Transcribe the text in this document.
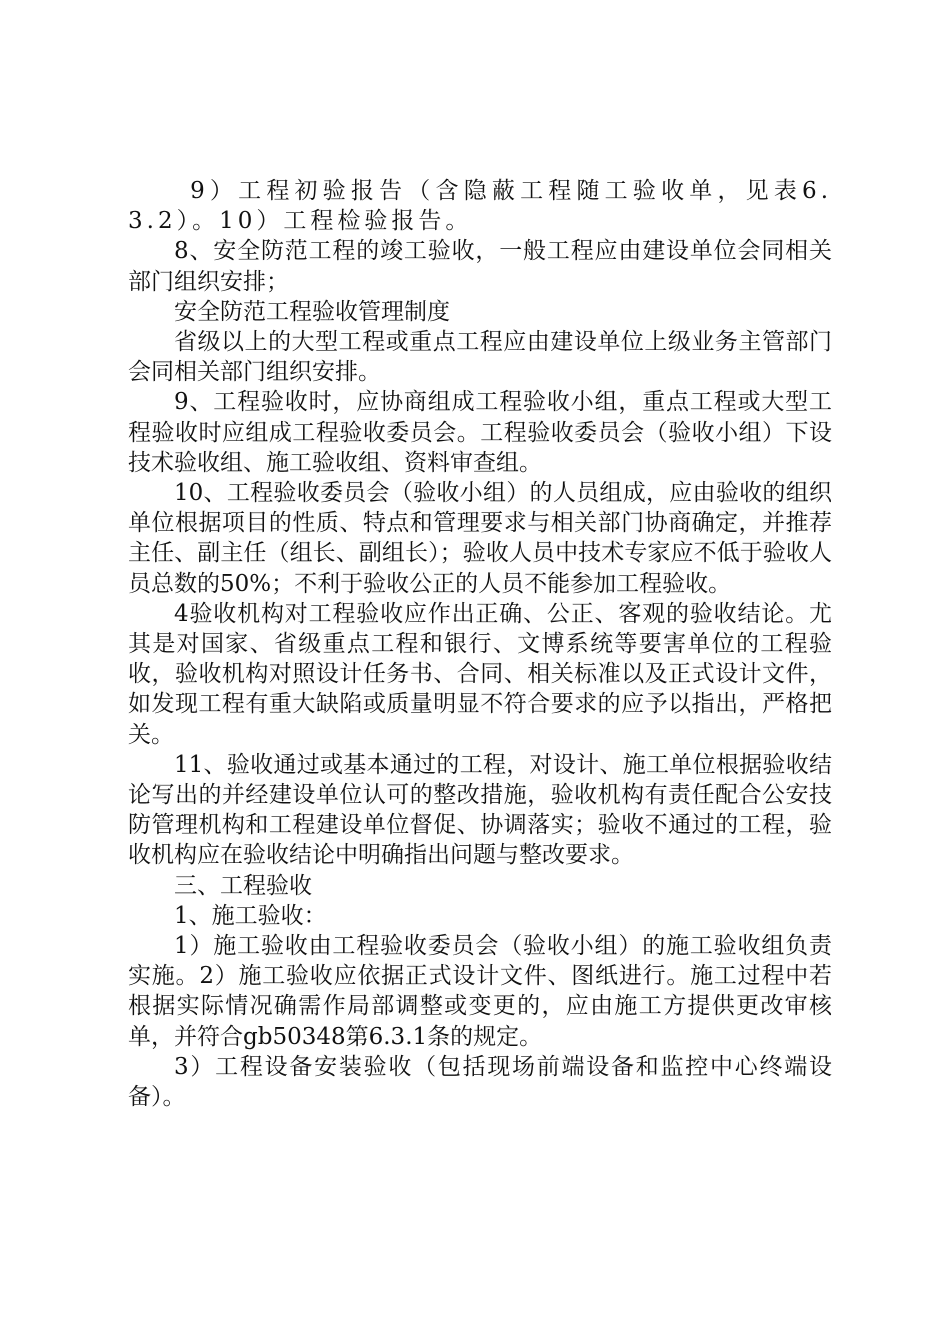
9）工程初验报告（含隐蔽工程随工验收单，见表6.3.2）。10）工程检验报告。

8、安全防范工程的竣工验收，一般工程应由建设单位会同相关部门组织安排；

安全防范工程验收管理制度

省级以上的大型工程或重点工程应由建设单位上级业务主管部门会同相关部门组织安排。

9、工程验收时，应协商组成工程验收小组，重点工程或大型工程验收时应组成工程验收委员会。工程验收委员会（验收小组）下设技术验收组、施工验收组、资料审查组。

10、工程验收委员会（验收小组）的人员组成，应由验收的组织单位根据项目的性质、特点和管理要求与相关部门协商确定，并推荐主任、副主任（组长、副组长）；验收人员中技术专家应不低于验收人员总数的50%；不利于验收公正的人员不能参加工程验收。

4验收机构对工程验收应作出正确、公正、客观的验收结论。尤其是对国家、省级重点工程和银行、文博系统等要害单位的工程验收，验收机构对照设计任务书、合同、相关标准以及正式设计文件，如发现工程有重大缺陷或质量明显不符合要求的应予以指出，严格把关。

11、验收通过或基本通过的工程，对设计、施工单位根据验收结论写出的并经建设单位认可的整改措施，验收机构有责任配合公安技防管理机构和工程建设单位督促、协调落实；验收不通过的工程，验收机构应在验收结论中明确指出问题与整改要求。

三、工程验收

1、施工验收：

1）施工验收由工程验收委员会（验收小组）的施工验收组负责实施。2）施工验收应依据正式设计文件、图纸进行。施工过程中若根据实际情况确需作局部调整或变更的，应由施工方提供更改审核单，并符合gb50348第6.3.1条的规定。

3）工程设备安装验收（包括现场前端设备和监控中心终端设备）。
